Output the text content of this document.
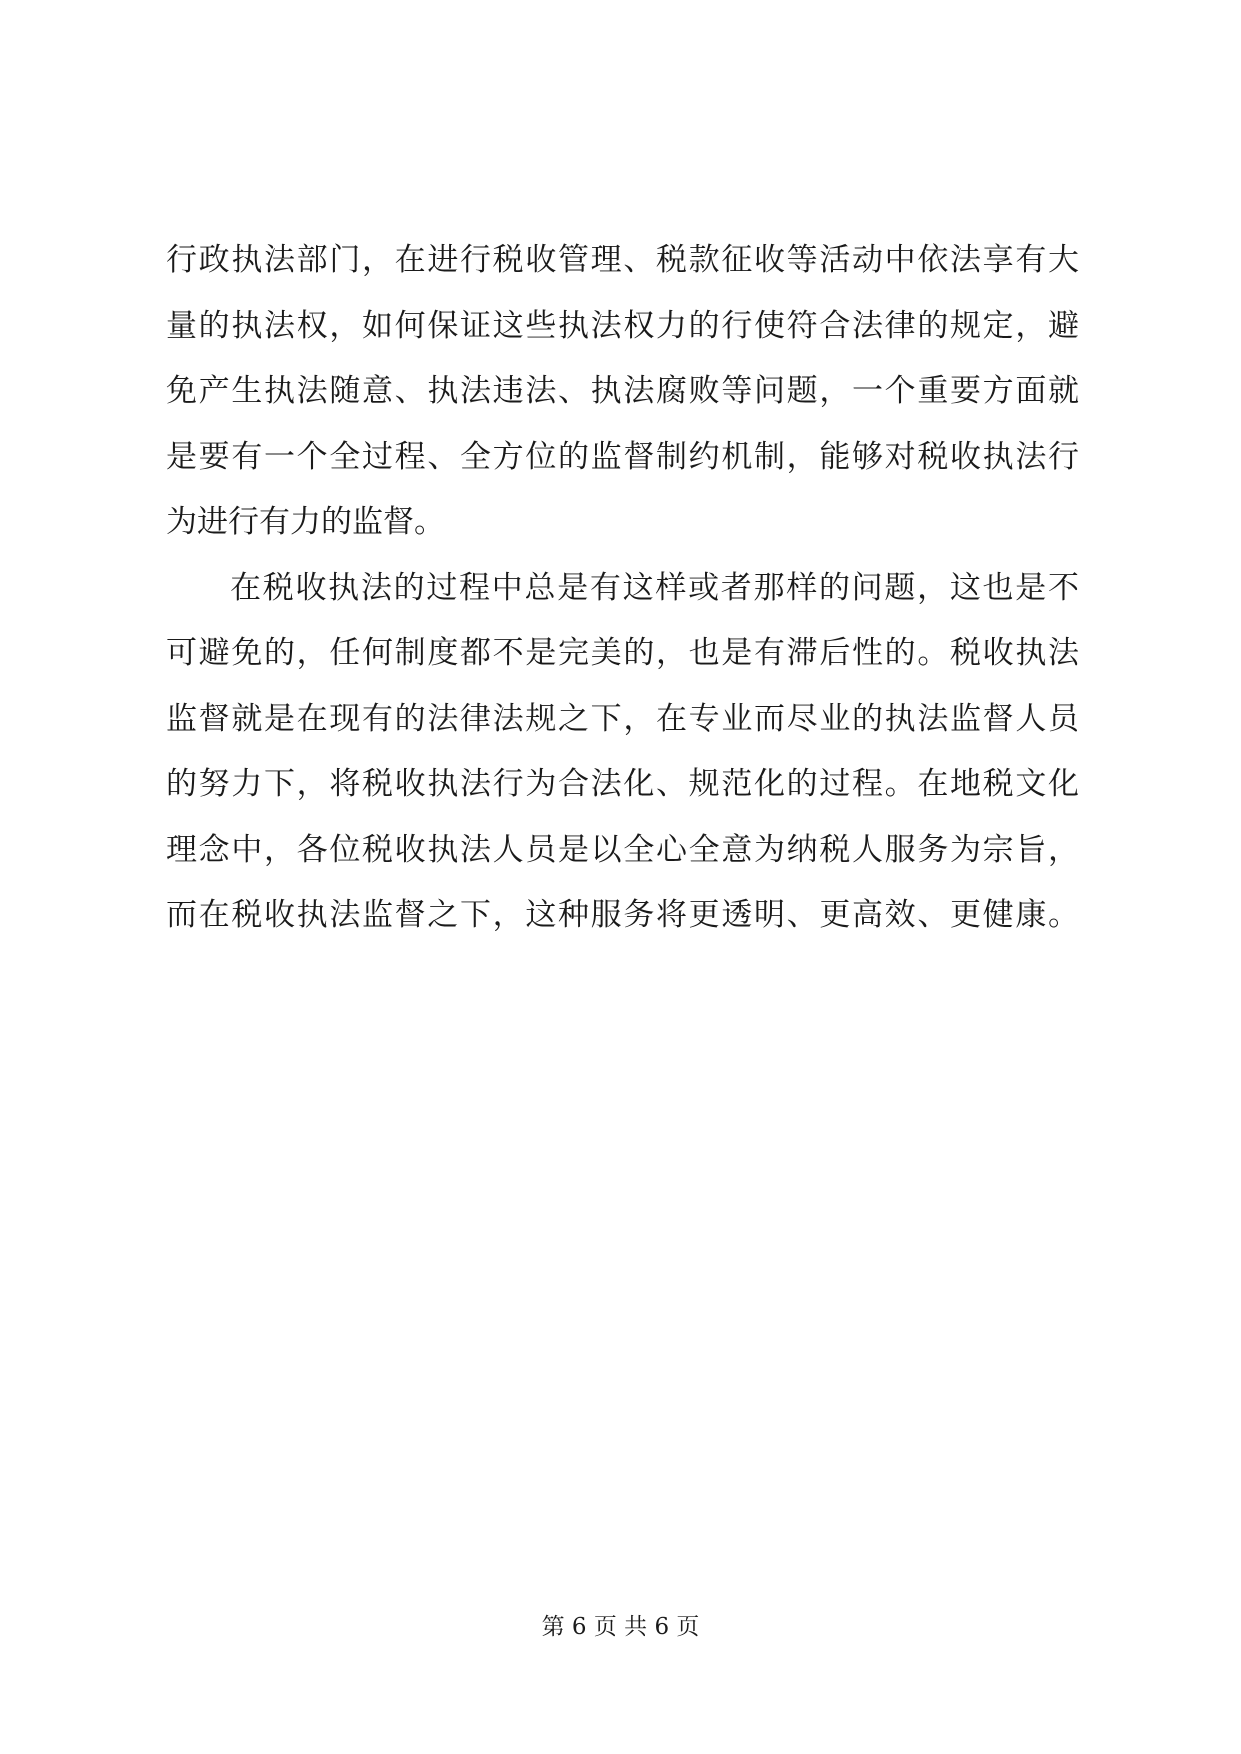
行政执法部门，在进行税收管理、税款征收等活动中依法享有大
量的执法权，如何保证这些执法权力的行使符合法律的规定，避
免产生执法随意、执法违法、执法腐败等问题，一个重要方面就
是要有一个全过程、全方位的监督制约机制，能够对税收执法行
为进行有力的监督。
在税收执法的过程中总是有这样或者那样的问题，这也是不
可避免的，任何制度都不是完美的，也是有滞后性的。税收执法
监督就是在现有的法律法规之下，在专业而尽业的执法监督人员
的努力下，将税收执法行为合法化、规范化的过程。在地税文化
理念中，各位税收执法人员是以全心全意为纳税人服务为宗旨，
而在税收执法监督之下，这种服务将更透明、更高效、更健康。
第 6 页 共 6 页
